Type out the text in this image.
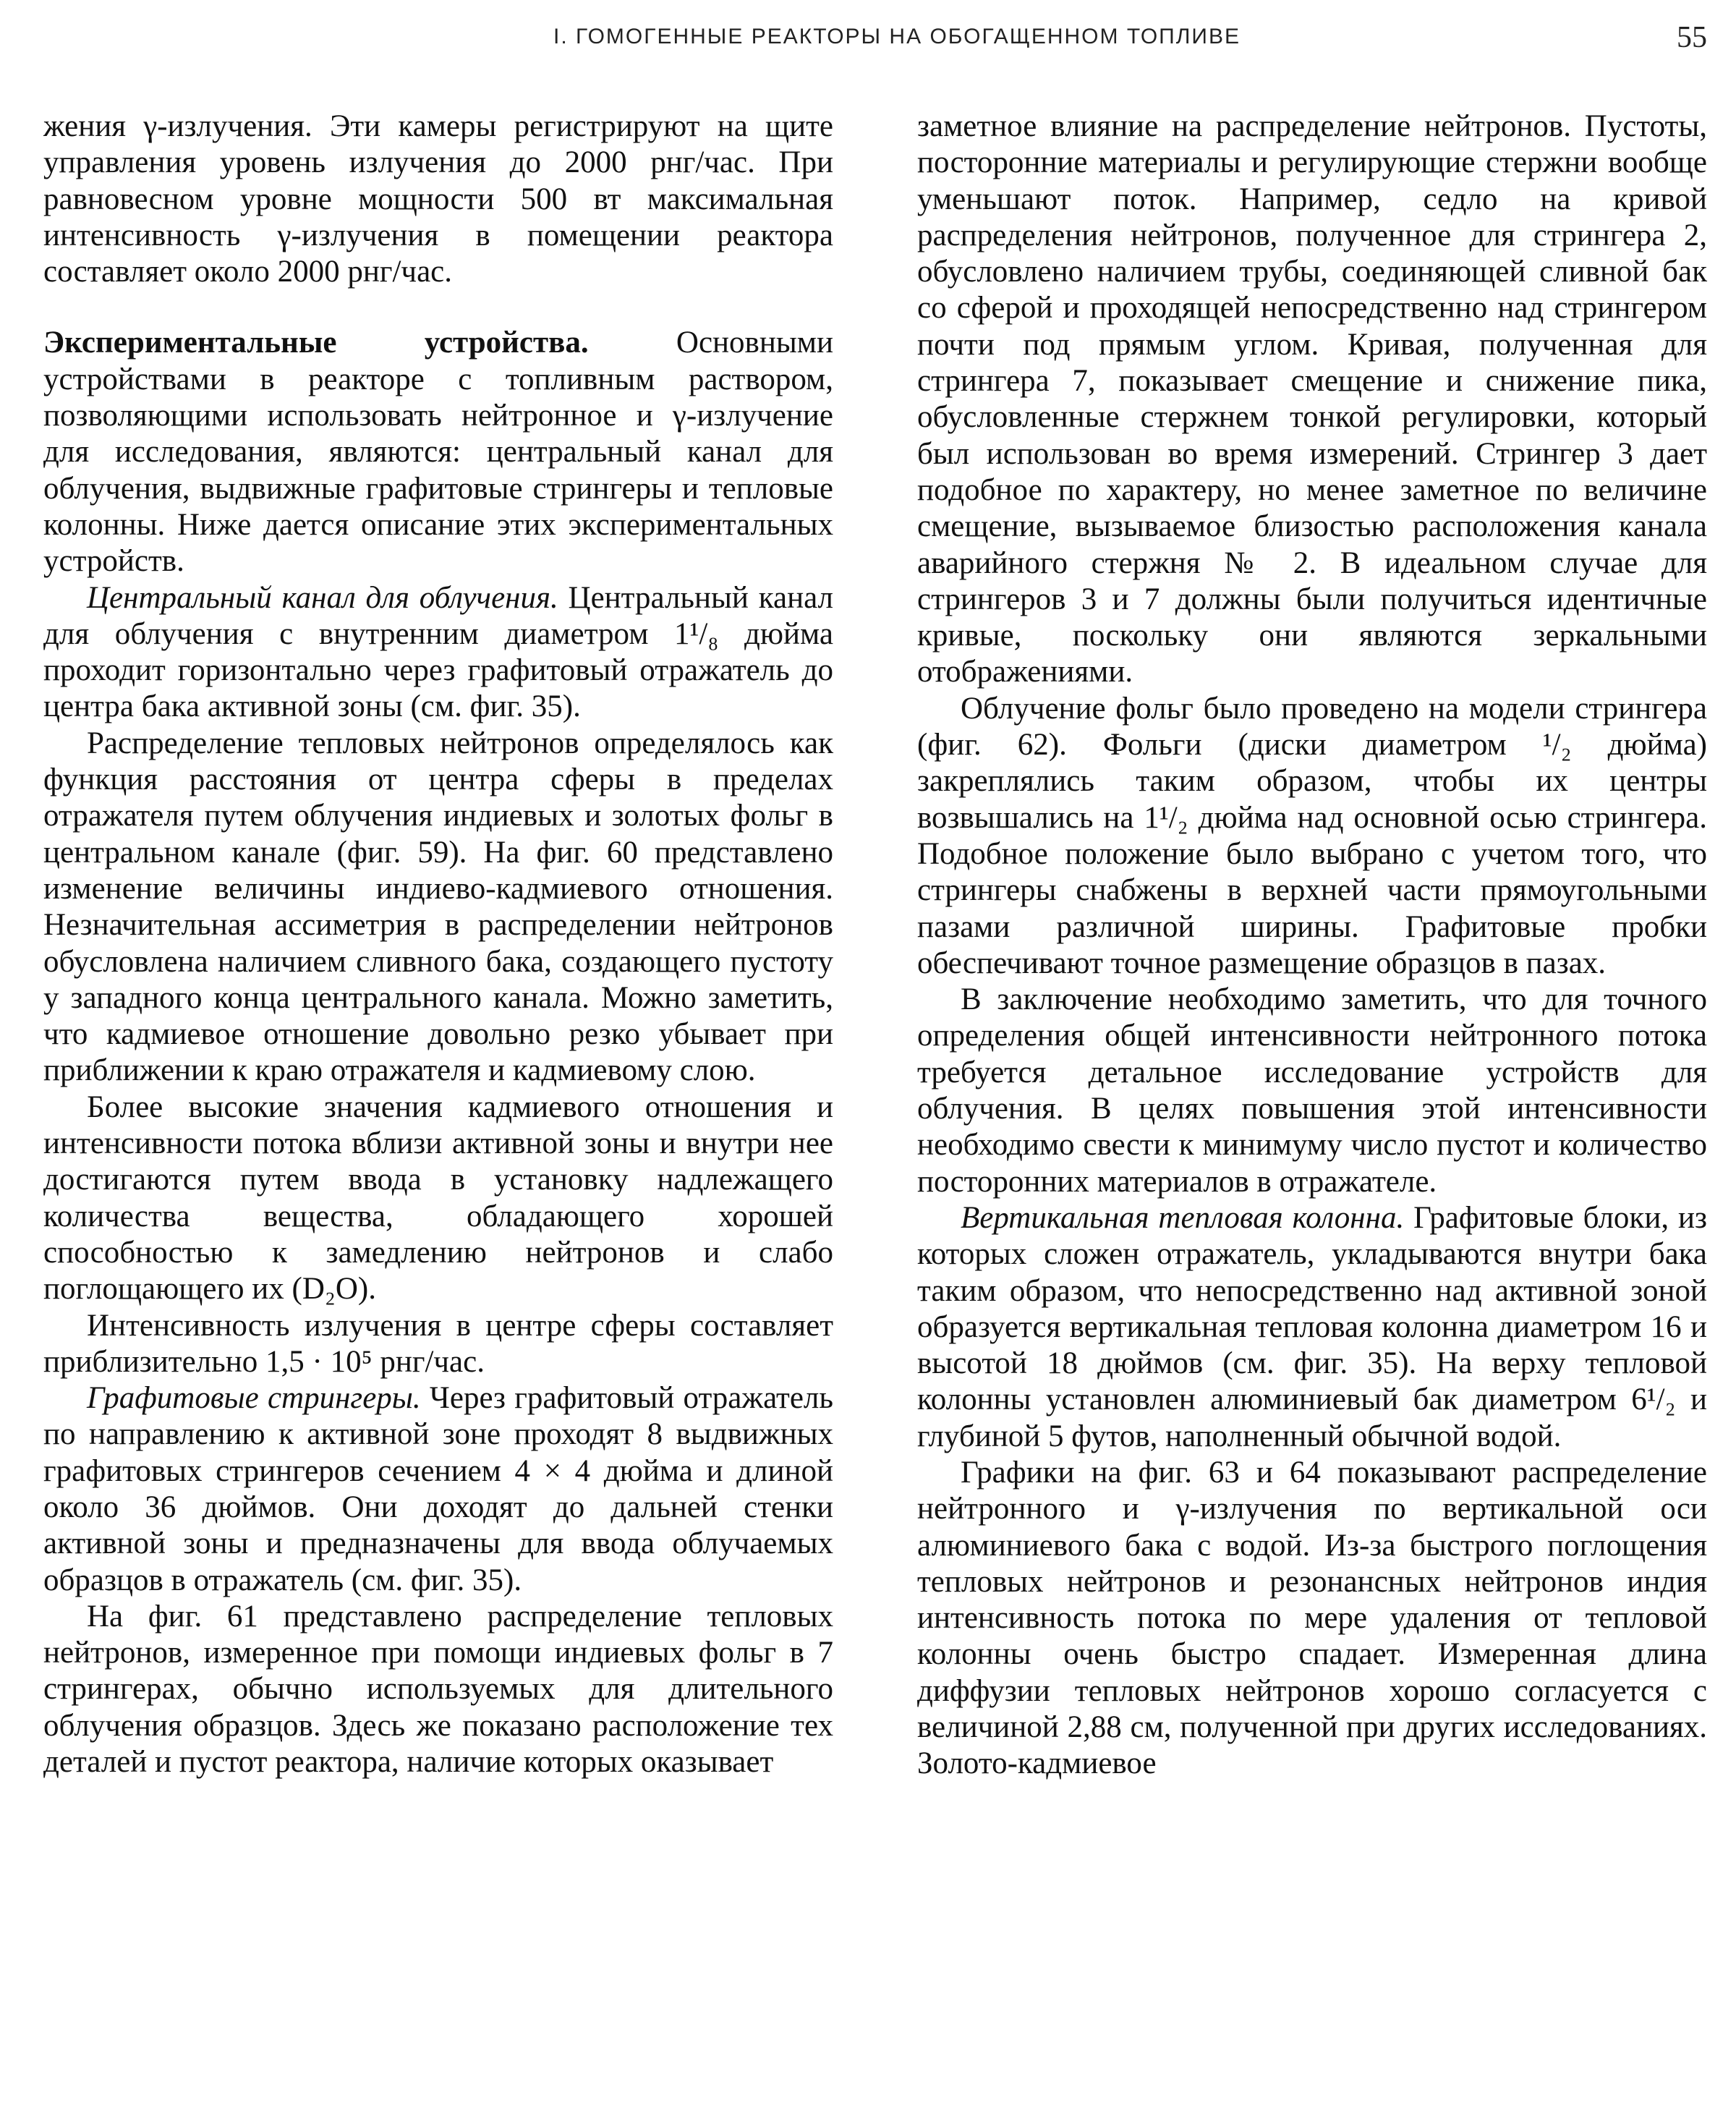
I. ГОМОГЕННЫЕ РЕАКТОРЫ НА ОБОГАЩЕННОМ ТОПЛИВЕ	55

жения γ-излучения. Эти камеры регистрируют на щите управления уровень излучения до 2000 рнг/час. При равновесном уровне мощности 500 вт максимальная интенсивность γ-излучения в помещении реактора составляет около 2000 рнг/час.

Экспериментальные устройства. Основными устройствами в реакторе с топливным раствором, позволяющими использовать нейтронное и γ-излучение для исследования, являются: центральный канал для облучения, выдвижные графитовые стрингеры и тепловые колонны. Ниже дается описание этих экспериментальных устройств.

Центральный канал для облучения. Центральный канал для облучения с внутренним диаметром 1¹/₈ дюйма проходит горизонтально через графитовый отражатель до центра бака активной зоны (см. фиг. 35).

Распределение тепловых нейтронов определялось как функция расстояния от центра сферы в пределах отражателя путем облучения индиевых и золотых фольг в центральном канале (фиг. 59). На фиг. 60 представлено изменение величины индиево-кадмиевого отношения. Незначительная ассиметрия в распределении нейтронов обусловлена наличием сливного бака, создающего пустоту у западного конца центрального канала. Можно заметить, что кадмиевое отношение довольно резко убывает при приближении к краю отражателя и кадмиевому слою.

Более высокие значения кадмиевого отношения и интенсивности потока вблизи активной зоны и внутри нее достигаются путем ввода в установку надлежащего количества вещества, обладающего хорошей способностью к замедлению нейтронов и слабо поглощающего их (D₂O).

Интенсивность излучения в центре сферы составляет приблизительно 1,5 · 10⁵ рнг/час.

Графитовые стрингеры. Через графитовый отражатель по направлению к активной зоне проходят 8 выдвижных графитовых стрингеров сечением 4 × 4 дюйма и длиной около 36 дюймов. Они доходят до дальней стенки активной зоны и предназначены для ввода облучаемых образцов в отражатель (см. фиг. 35).

На фиг. 61 представлено распределение тепловых нейтронов, измеренное при помощи индиевых фольг в 7 стрингерах, обычно используемых для длительного облучения образцов. Здесь же показано расположение тех деталей и пустот реактора, наличие которых оказывает

заметное влияние на распределение нейтронов. Пустоты, посторонние материалы и регулирующие стержни вообще уменьшают поток. Например, седло на кривой распределения нейтронов, полученное для стрингера 2, обусловлено наличием трубы, соединяющей сливной бак со сферой и проходящей непосредственно над стрингером почти под прямым углом. Кривая, полученная для стрингера 7, показывает смещение и снижение пика, обусловленные стержнем тонкой регулировки, который был использован во время измерений. Стрингер 3 дает подобное по характеру, но менее заметное по величине смещение, вызываемое близостью расположения канала аварийного стержня № 2. В идеальном случае для стрингеров 3 и 7 должны были получиться идентичные кривые, поскольку они являются зеркальными отображениями.

Облучение фольг было проведено на модели стрингера (фиг. 62). Фольги (диски диаметром ¹/₂ дюйма) закреплялись таким образом, чтобы их центры возвышались на 1¹/₂ дюйма над основной осью стрингера. Подобное положение было выбрано с учетом того, что стрингеры снабжены в верхней части прямоугольными пазами различной ширины. Графитовые пробки обеспечивают точное размещение образцов в пазах.

В заключение необходимо заметить, что для точного определения общей интенсивности нейтронного потока требуется детальное исследование устройств для облучения. В целях повышения этой интенсивности необходимо свести к минимуму число пустот и количество посторонних материалов в отражателе.

Вертикальная тепловая колонна. Графитовые блоки, из которых сложен отражатель, укладываются внутри бака таким образом, что непосредственно над активной зоной образуется вертикальная тепловая колонна диаметром 16 и высотой 18 дюймов (см. фиг. 35). На верху тепловой колонны установлен алюминиевый бак диаметром 6¹/₂ и глубиной 5 футов, наполненный обычной водой.

Графики на фиг. 63 и 64 показывают распределение нейтронного и γ-излучения по вертикальной оси алюминиевого бака с водой. Из-за быстрого поглощения тепловых нейтронов и резонансных нейтронов индия интенсивность потока по мере удаления от тепловой колонны очень быстро спадает. Измеренная длина диффузии тепловых нейтронов хорошо согласуется с величиной 2,88 см, полученной при других исследованиях. Золото-кадмиевое
